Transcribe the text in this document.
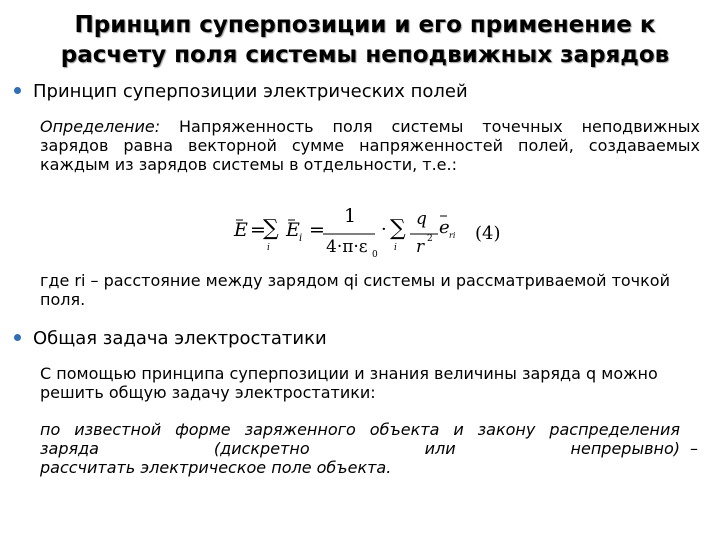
Принцип суперпозиции и его применение к
расчету поля системы неподвижных зарядов
Принцип суперпозиции электрических полей
Определение: Напряженность поля системы точечных неподвижных зарядов равна векторной сумме напряженностей полей, создаваемых каждым из зарядов системы в отдельности, т.е.:
E =
∑
i
E i =
1
4·π·ε 0
· ∑
i
q
r 2
e ri (4)
где ri – расстояние между зарядом qi системы и рассматриваемой точкой поля.
Общая задача электростатики
С помощью принципа суперпозиции и знания величины заряда q можно решить общую задачу электростатики:
по известной форме заряженного объекта и закону распределения заряда (дискретно или непрерывно) –
рассчитать электрическое поле объекта.
